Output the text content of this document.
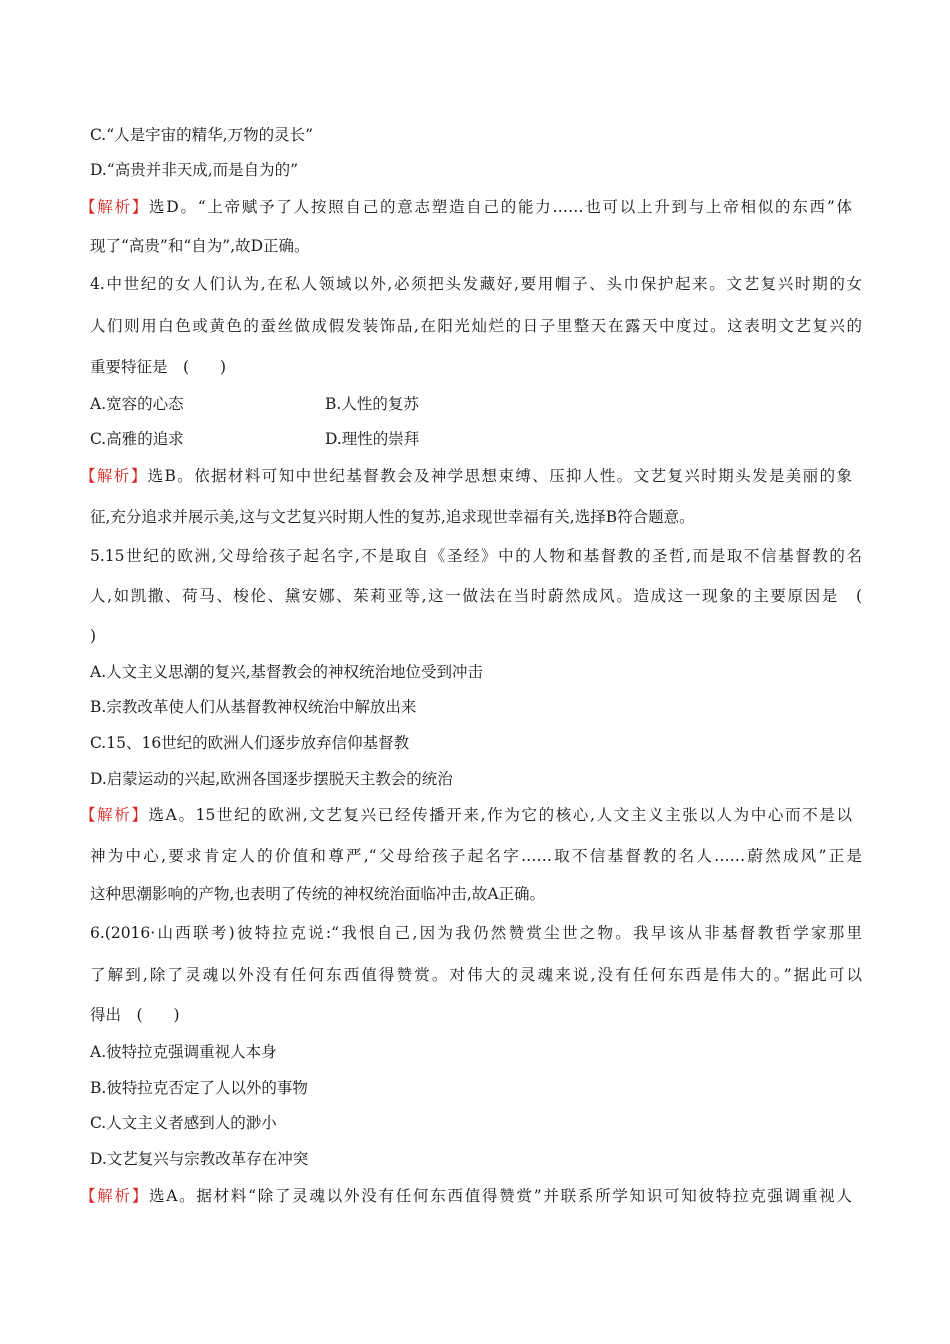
C.“人是宇宙的精华,万物的灵长”
D.“高贵并非天成,而是自为的”
【解析】选D。“上帝赋予了人按照自己的意志塑造自己的能力……也可以上升到与上帝相似的东西”体
现了“高贵”和“自为”,故D正确。
4.中世纪的女人们认为,在私人领域以外,必须把头发藏好,要用帽子、头巾保护起来。文艺复兴时期的女
人们则用白色或黄色的蚕丝做成假发装饰品,在阳光灿烂的日子里整天在露天中度过。这表明文艺复兴的
重要特征是　(　　)
A.宽容的心态	B.人性的复苏
C.高雅的追求	D.理性的崇拜
【解析】选B。依据材料可知中世纪基督教会及神学思想束缚、压抑人性。文艺复兴时期头发是美丽的象
征,充分追求并展示美,这与文艺复兴时期人性的复苏,追求现世幸福有关,选择B符合题意。
5.15世纪的欧洲,父母给孩子起名字,不是取自《圣经》中的人物和基督教的圣哲,而是取不信基督教的名
人,如凯撒、荷马、梭伦、黛安娜、茱莉亚等,这一做法在当时蔚然成风。造成这一现象的主要原因是　(
)
A.人文主义思潮的复兴,基督教会的神权统治地位受到冲击
B.宗教改革使人们从基督教神权统治中解放出来
C.15、16世纪的欧洲人们逐步放弃信仰基督教
D.启蒙运动的兴起,欧洲各国逐步摆脱天主教会的统治
【解析】选A。15世纪的欧洲,文艺复兴已经传播开来,作为它的核心,人文主义主张以人为中心而不是以
神为中心,要求肯定人的价值和尊严,“父母给孩子起名字……取不信基督教的名人……蔚然成风”正是
这种思潮影响的产物,也表明了传统的神权统治面临冲击,故A正确。
6.(2016·山西联考)彼特拉克说:“我恨自己,因为我仍然赞赏尘世之物。我早该从非基督教哲学家那里
了解到,除了灵魂以外没有任何东西值得赞赏。对伟大的灵魂来说,没有任何东西是伟大的。”据此可以
得出　(　　)
A.彼特拉克强调重视人本身
B.彼特拉克否定了人以外的事物
C.人文主义者感到人的渺小
D.文艺复兴与宗教改革存在冲突
【解析】选A。据材料“除了灵魂以外没有任何东西值得赞赏”并联系所学知识可知彼特拉克强调重视人
